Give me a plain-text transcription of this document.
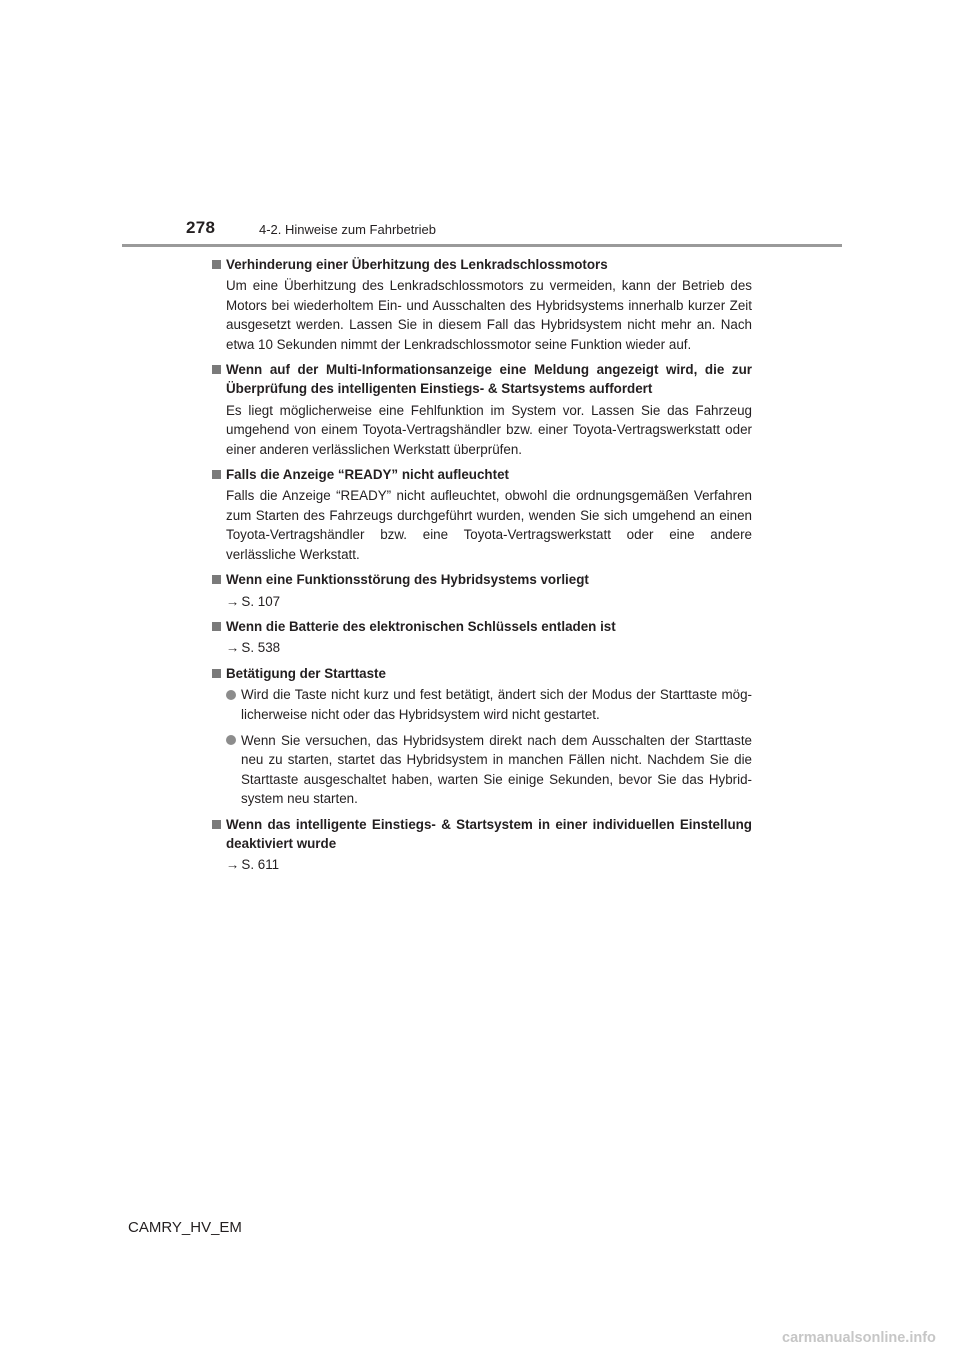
278	4-2. Hinweise zum Fahrbetrieb
Verhinderung einer Überhitzung des Lenkradschlossmotors
Um eine Überhitzung des Lenkradschlossmotors zu vermeiden, kann der Betrieb des Motors bei wiederholtem Ein- und Ausschalten des Hybridsystems innerhalb kurzer Zeit ausgesetzt werden. Lassen Sie in diesem Fall das Hybridsystem nicht mehr an. Nach etwa 10 Sekunden nimmt der Lenkradschlossmotor seine Funktion wieder auf.
Wenn auf der Multi-Informationsanzeige eine Meldung angezeigt wird, die zur Überprüfung des intelligenten Einstiegs- & Startsystems auffordert
Es liegt möglicherweise eine Fehlfunktion im System vor. Lassen Sie das Fahrzeug umgehend von einem Toyota-Vertragshändler bzw. einer Toyota-Vertragswerkstatt oder einer anderen verlässlichen Werkstatt überprüfen.
Falls die Anzeige “READY” nicht aufleuchtet
Falls die Anzeige “READY” nicht aufleuchtet, obwohl die ordnungsgemäßen Verfahren zum Starten des Fahrzeugs durchgeführt wurden, wenden Sie sich umgehend an einen Toyota-Vertragshändler bzw. eine Toyota-Vertragswerkstatt oder eine andere verlässliche Werkstatt.
Wenn eine Funktionsstörung des Hybridsystems vorliegt
→ S. 107
Wenn die Batterie des elektronischen Schlüssels entladen ist
→ S. 538
Betätigung der Starttaste
Wird die Taste nicht kurz und fest betätigt, ändert sich der Modus der Starttaste mög-licherweise nicht oder das Hybridsystem wird nicht gestartet.
Wenn Sie versuchen, das Hybridsystem direkt nach dem Ausschalten der Starttaste neu zu starten, startet das Hybridsystem in manchen Fällen nicht. Nachdem Sie die Starttaste ausgeschaltet haben, warten Sie einige Sekunden, bevor Sie das Hybrid-system neu starten.
Wenn das intelligente Einstiegs- & Startsystem in einer individuellen Einstellung deaktiviert wurde
→ S. 611
CAMRY_HV_EM
carmanualsonline.info
